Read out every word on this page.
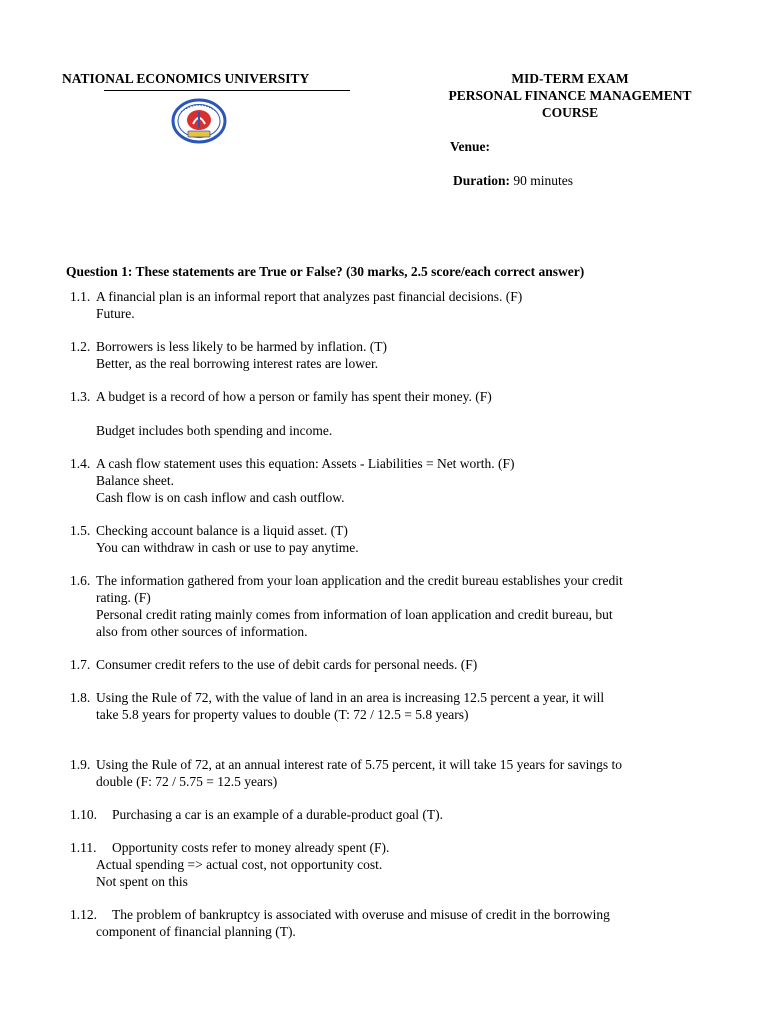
NATIONAL ECONOMICS UNIVERSITY	MID-TERM EXAM
PERSONAL FINANCE MANAGEMENT
COURSE
Venue:
Duration: 90 minutes
Question 1: These statements are True or False? (30 marks, 2.5 score/each correct answer)
1.1. A financial plan is an informal report that analyzes past financial decisions. (F)
Future.
1.2. Borrowers is less likely to be harmed by inflation. (T)
Better, as the real borrowing interest rates are lower.
1.3. A budget is a record of how a person or family has spent their money. (F)
Budget includes both spending and income.
1.4. A cash flow statement uses this equation: Assets - Liabilities = Net worth. (F)
Balance sheet.
Cash flow is on cash inflow and cash outflow.
1.5. Checking account balance is a liquid asset. (T)
You can withdraw in cash or use to pay anytime.
1.6. The information gathered from your loan application and the credit bureau establishes your credit
rating. (F)
Personal credit rating mainly comes from information of loan application and credit bureau, but
also from other sources of information.
1.7. Consumer credit refers to the use of debit cards for personal needs. (F)
1.8. Using the Rule of 72, with the value of land in an area is increasing 12.5 percent a year, it will
take 5.8 years for property values to double (T: 72 / 12.5 = 5.8 years)
1.9. Using the Rule of 72, at an annual interest rate of 5.75 percent, it will take 15 years for savings to
double (F: 72 / 5.75 = 12.5 years)
1.10.	Purchasing a car is an example of a durable-product goal (T).
1.11.	Opportunity costs refer to money already spent (F).
Actual spending => actual cost, not opportunity cost.
Not spent on this
1.12.	The problem of bankruptcy is associated with overuse and misuse of credit in the borrowing
component of financial planning (T).
